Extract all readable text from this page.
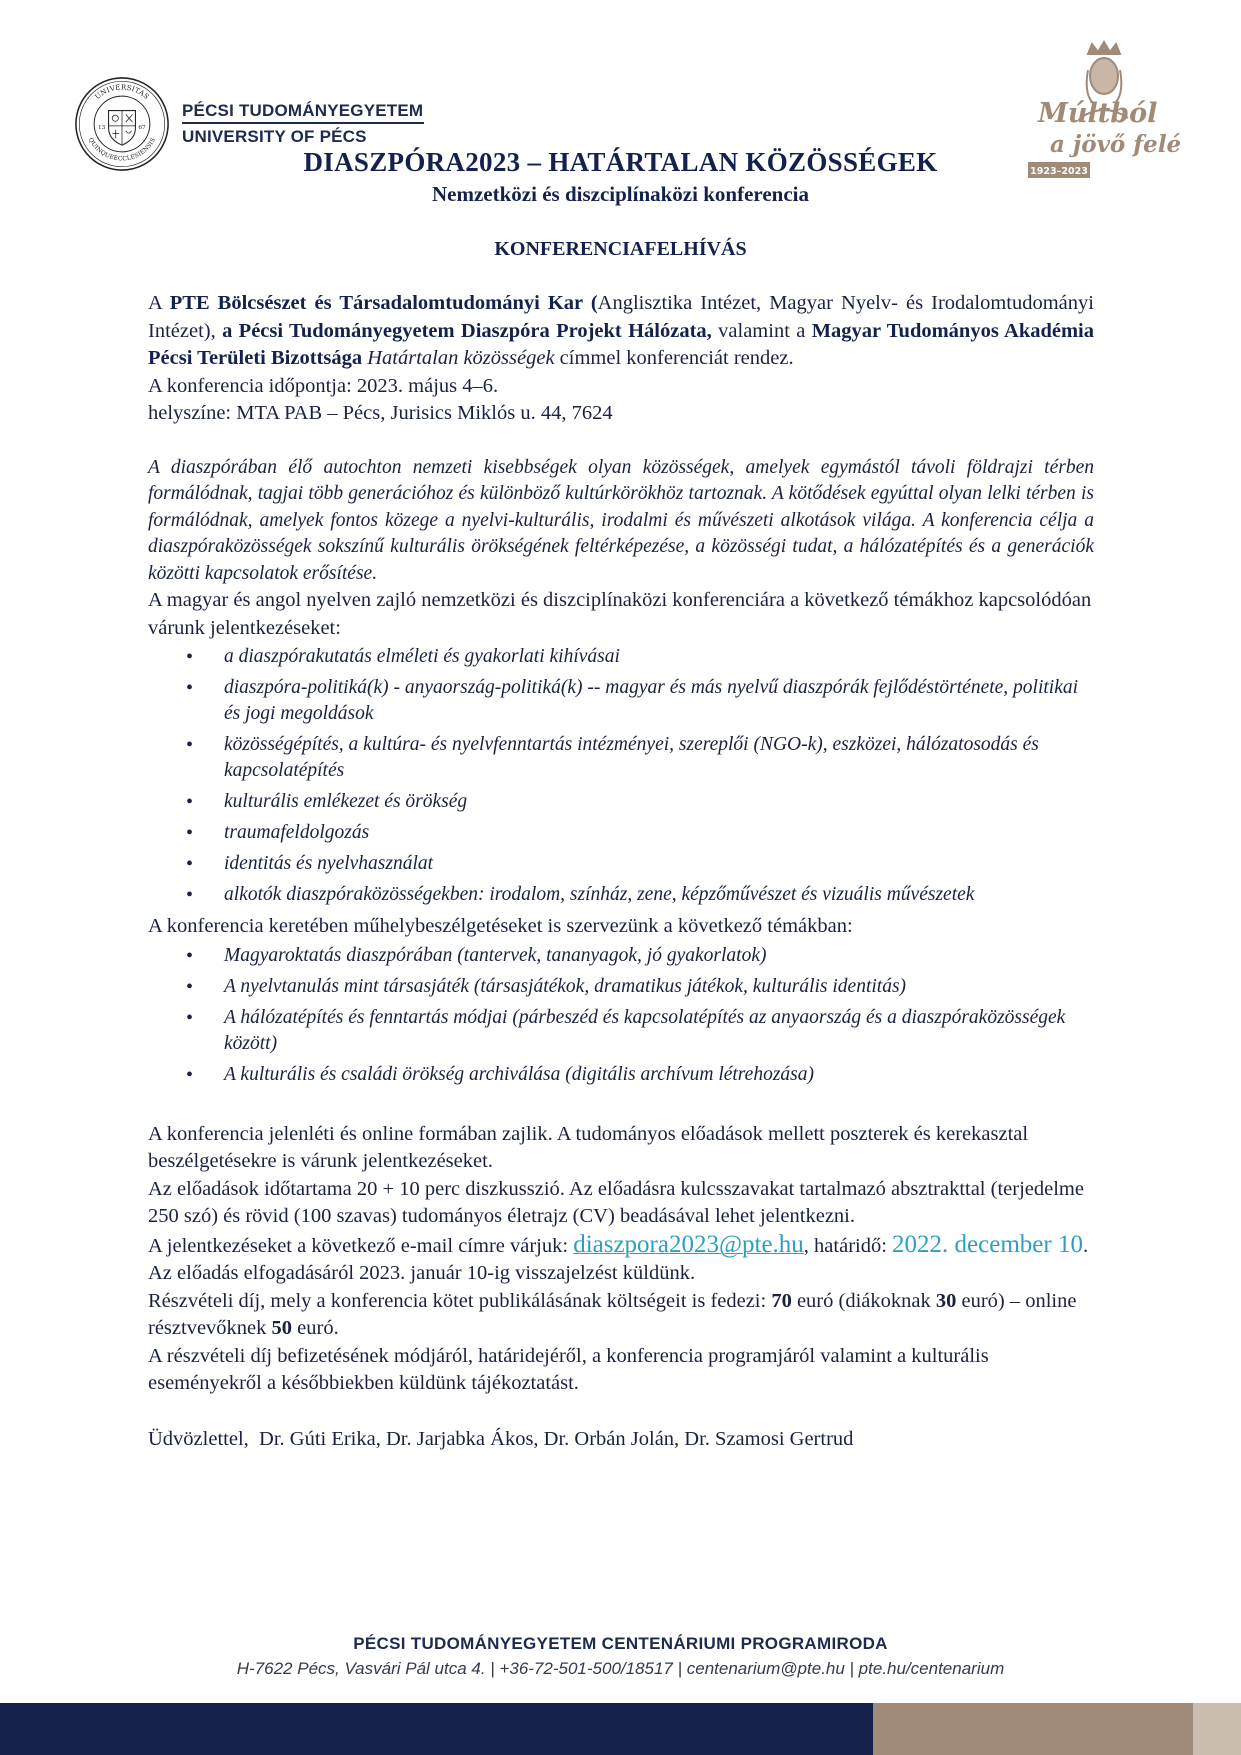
UNIVERSITAS
QUINQUEECCLESIENSIS
13	67
PÉCSI TUDOMÁNYEGYETEM
UNIVERSITY OF PÉCS
Múltból
a jövő felé
1923–2023
DIASZPÓRA2023 – HATÁRTALAN KÖZÖSSÉGEK
Nemzetközi és diszciplínaközi konferencia
KONFERENCIAFELHÍVÁS

A PTE Bölcsészet és Társadalomtudományi Kar (Anglisztika Intézet, Magyar Nyelv- és Irodalomtudományi Intézet), a Pécsi Tudományegyetem Diaszpóra Projekt Hálózata, valamint a Magyar Tudományos Akadémia Pécsi Területi Bizottsága Határtalan közösségek címmel konferenciát rendez.

A konferencia időpontja: 2023. május 4–6.

helyszíne: MTA PAB – Pécs, Jurisics Miklós u. 44, 7624

A diaszpórában élő autochton nemzeti kisebbségek olyan közösségek, amelyek egymástól távoli földrajzi térben formálódnak, tagjai több generációhoz és különböző kultúrkörökhöz tartoznak. A kötődések egyúttal olyan lelki térben is formálódnak, amelyek fontos közege a nyelvi-kulturális, irodalmi és művészeti alkotások világa. A konferencia célja a diaszpóraközösségek sokszínű kulturális örökségének feltérképezése, a közösségi tudat, a hálózatépítés és a generációk közötti kapcsolatok erősítése.

A magyar és angol nyelven zajló nemzetközi és diszciplínaközi konferenciára a következő témákhoz kapcsolódóan várunk jelentkezéseket:

• a diaszpórakutatás elméleti és gyakorlati kihívásai
• diaszpóra-politiká(k) - anyaország-politiká(k) -- magyar és más nyelvű diaszpórák fejlődéstörténete, politikai és jogi megoldások
• közösségépítés, a kultúra- és nyelvfenntartás intézményei, szereplői (NGO-k), eszközei, hálózatosodás és kapcsolatépítés
• kulturális emlékezet és örökség
• traumafeldolgozás
• identitás és nyelvhasználat
• alkotók diaszpóraközösségekben: irodalom, színház, zene, képzőművészet és vizuális művészetek

A konferencia keretében műhelybeszélgetéseket is szervezünk a következő témákban:

• Magyaroktatás diaszpórában (tantervek, tananyagok, jó gyakorlatok)
• A nyelvtanulás mint társasjáték (társasjátékok, dramatikus játékok, kulturális identitás)
• A hálózatépítés és fenntartás módjai (párbeszéd és kapcsolatépítés az anyaország és a diaszpóraközösségek között)
• A kulturális és családi örökség archiválása (digitális archívum létrehozása)

A konferencia jelenléti és online formában zajlik. A tudományos előadások mellett poszterek és kerekasztal beszélgetésekre is várunk jelentkezéseket.

Az előadások időtartama 20 + 10 perc diszkusszió. Az előadásra kulcsszavakat tartalmazó absztrakttal (terjedelme 250 szó) és rövid (100 szavas) tudományos életrajz (CV) beadásával lehet jelentkezni.

A jelentkezéseket a következő e-mail címre várjuk: diaszpora2023@pte.hu, határidő: 2022. december 10. Az előadás elfogadásáról 2023. január 10-ig visszajelzést küldünk.

Részvételi díj, mely a konferencia kötet publikálásának költségeit is fedezi: 70 euró (diákoknak 30 euró) – online résztvevőknek 50 euró.

A részvételi díj befizetésének módjáról, határidejéről, a konferencia programjáról valamint a kulturális eseményekről a későbbiekben küldünk tájékoztatást.

Üdvözlettel,  Dr. Gúti Erika, Dr. Jarjabka Ákos, Dr. Orbán Jolán, Dr. Szamosi Gertrud

PÉCSI TUDOMÁNYEGYETEM CENTENÁRIUMI PROGRAMIRODA
H-7622 Pécs, Vasvári Pál utca 4. | +36-72-501-500/18517 | centenarium@pte.hu | pte.hu/centenarium
